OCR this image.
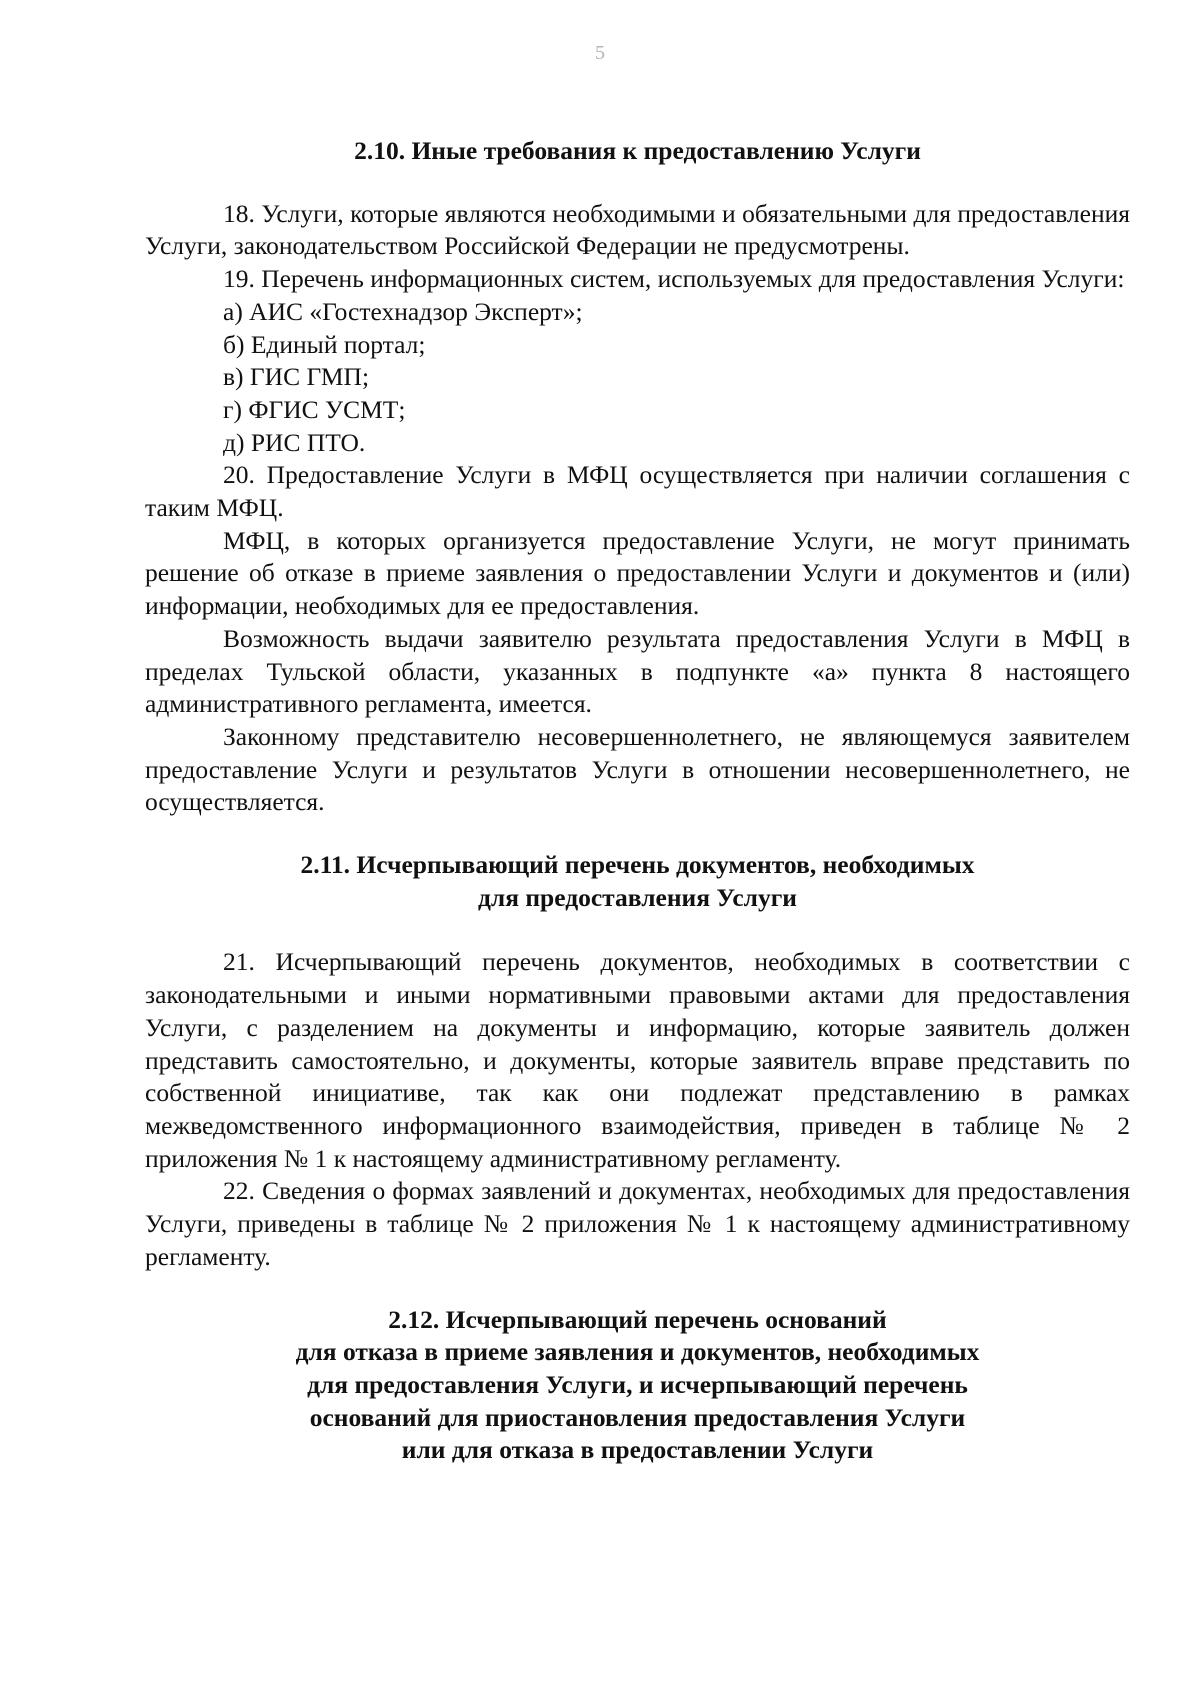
5
2.10. Иные требования к предоставлению Услуги

18. Услуги, которые являются необходимыми и обязательными для предоставления Услуги, законодательством Российской Федерации не предусмотрены.

19. Перечень информационных систем, используемых для предоставления Услуги:

а) АИС «Гостехнадзор Эксперт»;

б) Единый портал;

в) ГИС ГМП;

г) ФГИС УСМТ;

д) РИС ПТО.

20. Предоставление Услуги в МФЦ осуществляется при наличии соглашения с таким МФЦ.

МФЦ, в которых организуется предоставление Услуги, не могут принимать решение об отказе в приеме заявления о предоставлении Услуги и документов и (или) информации, необходимых для ее предоставления.

Возможность выдачи заявителю результата предоставления Услуги в МФЦ в пределах Тульской области, указанных в подпункте «а» пункта 8 настоящего административного регламента, имеется.

Законному представителю несовершеннолетнего, не являющемуся заявителем предоставление Услуги и результатов Услуги в отношении несовершеннолетнего, не осуществляется.

2.11. Исчерпывающий перечень документов, необходимых
для предоставления Услуги

21. Исчерпывающий перечень документов, необходимых в соответствии с законодательными и иными нормативными правовыми актами для предоставления Услуги, с разделением на документы и информацию, которые заявитель должен представить самостоятельно, и документы, которые заявитель вправе представить по собственной инициативе, так как они подлежат представлению в рамках межведомственного информационного взаимодействия, приведен в таблице № 2 приложения № 1 к настоящему административному регламенту.

22. Сведения о формах заявлений и документах, необходимых для предоставления Услуги, приведены в таблице № 2 приложения № 1 к настоящему административному регламенту.

2.12. Исчерпывающий перечень оснований
для отказа в приеме заявления и документов, необходимых
для предоставления Услуги, и исчерпывающий перечень
оснований для приостановления предоставления Услуги
или для отказа в предоставлении Услуги
